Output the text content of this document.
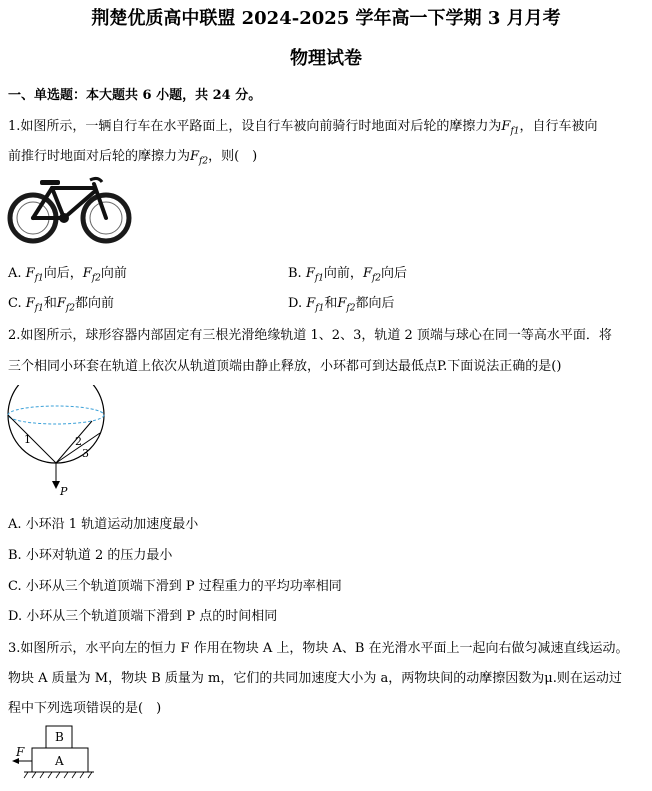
荆楚优质高中联盟 2024-2025 学年高一下学期 3 月月考
物理试卷
一、单选题：本大题共 6 小题，共 24 分。
1.如图所示，一辆自行车在水平路面上，设自行车被向前骑行时地面对后轮的摩擦力为$F_{f1}$，自行车被向
前推行时地面对后轮的摩擦力为$F_{f2}$，则(　)
A. $F_{f1}$向后，$F_{f2}$向前	B. $F_{f1}$向前，$F_{f2}$向后
C. $F_{f1}$和$F_{f2}$都向前	D. $F_{f1}$和$F_{f2}$都向后
2.如图所示，球形容器内部固定有三根光滑绝缘轨道 1、2、3，轨道 2 顶端与球心在同一等高水平面．将
三个相同小环套在轨道上依次从轨道顶端由静止释放，小环都可到达最低点P.下面说法正确的是()
1	2
3
P
A. 小环沿 1 轨道运动加速度最小
B. 小环对轨道 2 的压力最小
C. 小环从三个轨道顶端下滑到 P 过程重力的平均功率相同
D. 小环从三个轨道顶端下滑到 P 点的时间相同
3.如图所示，水平向左的恒力 F 作用在物块 A 上，物块 A、B 在光滑水平面上一起向右做匀减速直线运动。
物块 A 质量为 M，物块 B 质量为 m，它们的共同加速度大小为 a，两物块间的动摩擦因数为μ.则在运动过
程中下列选项错误的是(　)
B
A
F
